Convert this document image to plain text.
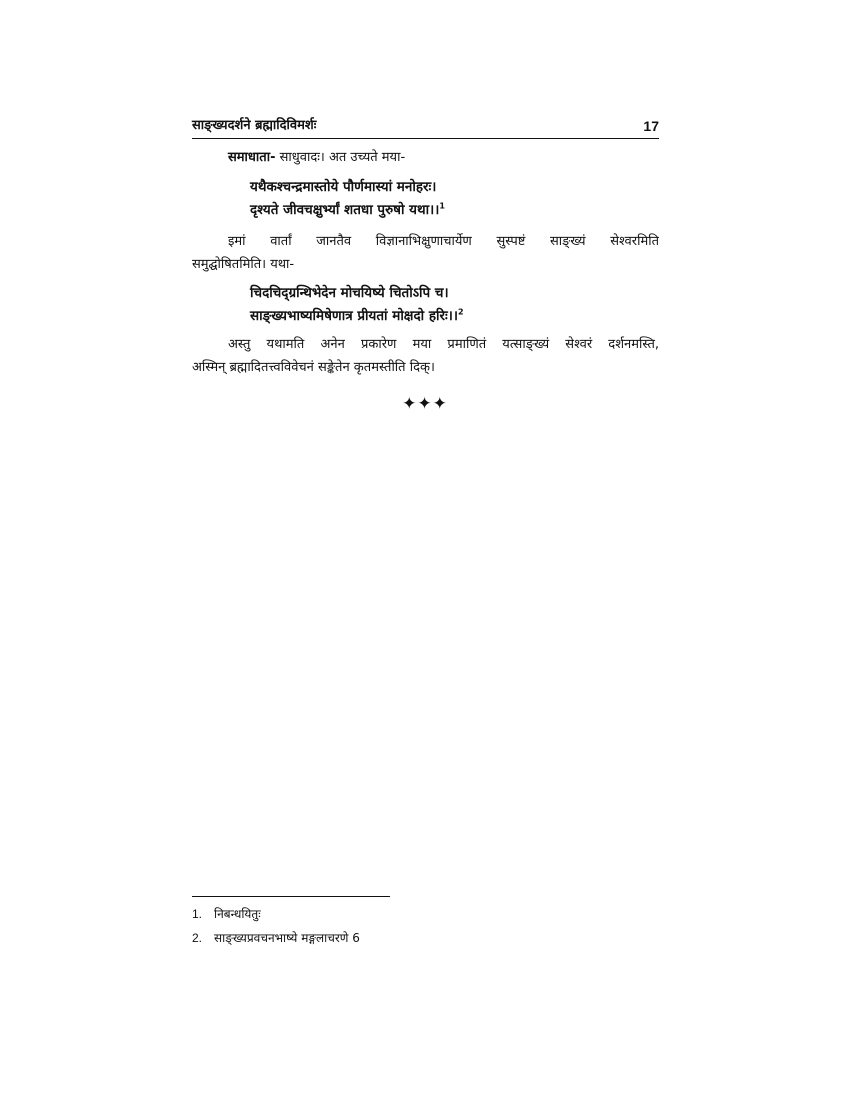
साङ्ख्यदर्शने ब्रह्मादिविमर्शः	17
समाधाता- साधुवादः। अत उच्यते मया-
यथैकश्चन्द्रमास्तोये पौर्णमास्यां मनोहरः।
दृश्यते जीवचक्षुर्भ्यां शतधा पुरुषो यथा।।$^1$
इमां वार्तां जानतैव विज्ञानाभिक्षुणाचार्येण सुस्पष्टं साङ्ख्यं सेश्वरमिति
समुद्घोषितमिति। यथा-
चिदचिद्ग्रन्थिभेदेन मोचयिष्ये चितोऽपि च।
साङ्ख्यभाष्यमिषेणात्र प्रीयतां मोक्षदो हरिः।।$^2$
अस्तु यथामति अनेन प्रकारेण मया प्रमाणितं यत्साङ्ख्यं सेश्वरं दर्शनमस्ति,
अस्मिन् ब्रह्मादितत्त्वविवेचनं सङ्केतेन कृतमस्तीति दिक्।
✦✦✦
1. निबन्धयितुः
2. साङ्ख्यप्रवचनभाष्ये मङ्गलाचरणे 6
